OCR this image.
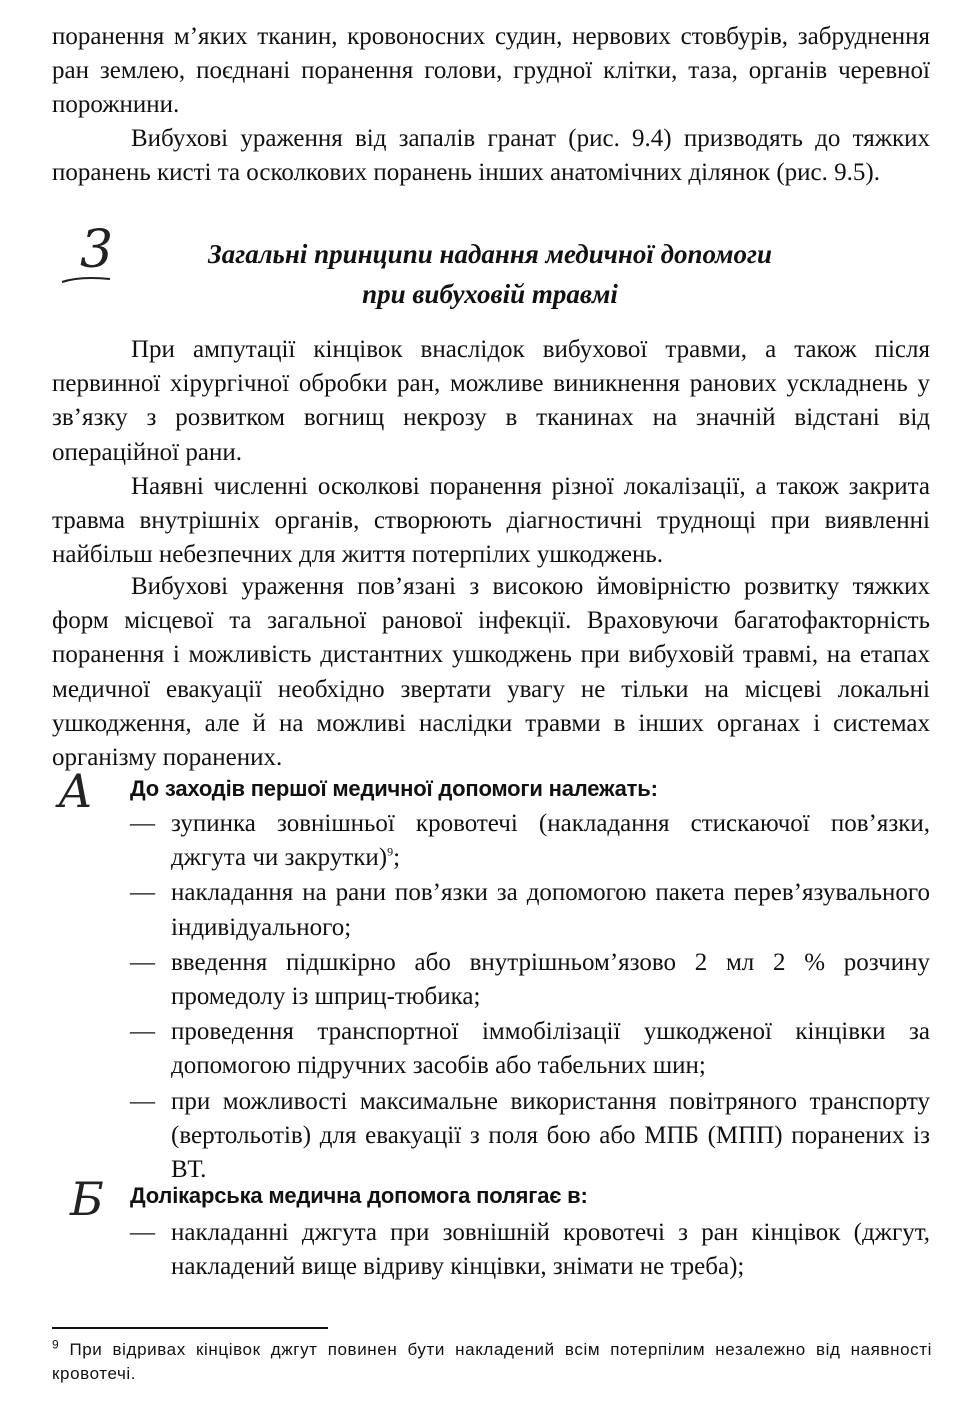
поранення м’яких тканин, кровоносних судин, нервових стовбурів, забруднення ран землею, поєднані поранення голови, грудної клітки, таза, органів черевної порожнини.

Вибухові ураження від запалів гранат (рис. 9.4) призводять до тяжких поранень кисті та осколкових поранень інших анатомічних ділянок (рис. 9.5).

3	Загальні принципи надання медичної допомоги

при вибуховій травмі

При ампутації кінцівок внаслідок вибухової травми, а також після первинної хірургічної обробки ран, можливе виникнення ранових ускладнень у зв’язку з розвитком вогнищ некрозу в тканинах на значній відстані від операційної рани.

Наявні численні осколкові поранення різної локалізації, а також закрита травма внутрішніх органів, створюють діагностичні труднощі при виявленні найбільш небезпечних для життя потерпілих ушкоджень.

Вибухові ураження пов’язані з високою ймовірністю розвитку тяжких форм місцевої та загальної ранової інфекції. Враховуючи багатофакторність поранення і можливість дистантних ушкоджень при вибуховій травмі, на етапах медичної евакуації необхідно звертати увагу не тільки на місцеві локальні ушкодження, але й на можливі наслідки травми в інших органах і системах організму поранених.

А До заходів першої медичної допомоги належать:

— зупинка зовнішньої кровотечі (накладання стискаючої пов’язки, джгута чи закрутки)$^9$;
— накладання на рани пов’язки за допомогою пакета перев’язувального індивідуального;
— введення підшкірно або внутрішньом’язово 2 мл 2 % розчину промедолу із шприц-тюбика;
— проведення транспортної іммобілізації ушкодженої кінцівки за допомогою підручних засобів або табельних шин;
— при можливості максимальне використання повітряного транспорту (вертольотів) для евакуації з поля бою або МПБ (МПП) поранених із ВТ.
Б Долікарська медична допомога полягає в:

— накладанні джгута при зовнішній кровотечі з ран кінцівок (джгут, накладений вище відриву кінцівки, знімати не треба);

$^9$ При відривах кінцівок джгут повинен бути накладений всім потерпілим незалежно від наявності кровотечі.
